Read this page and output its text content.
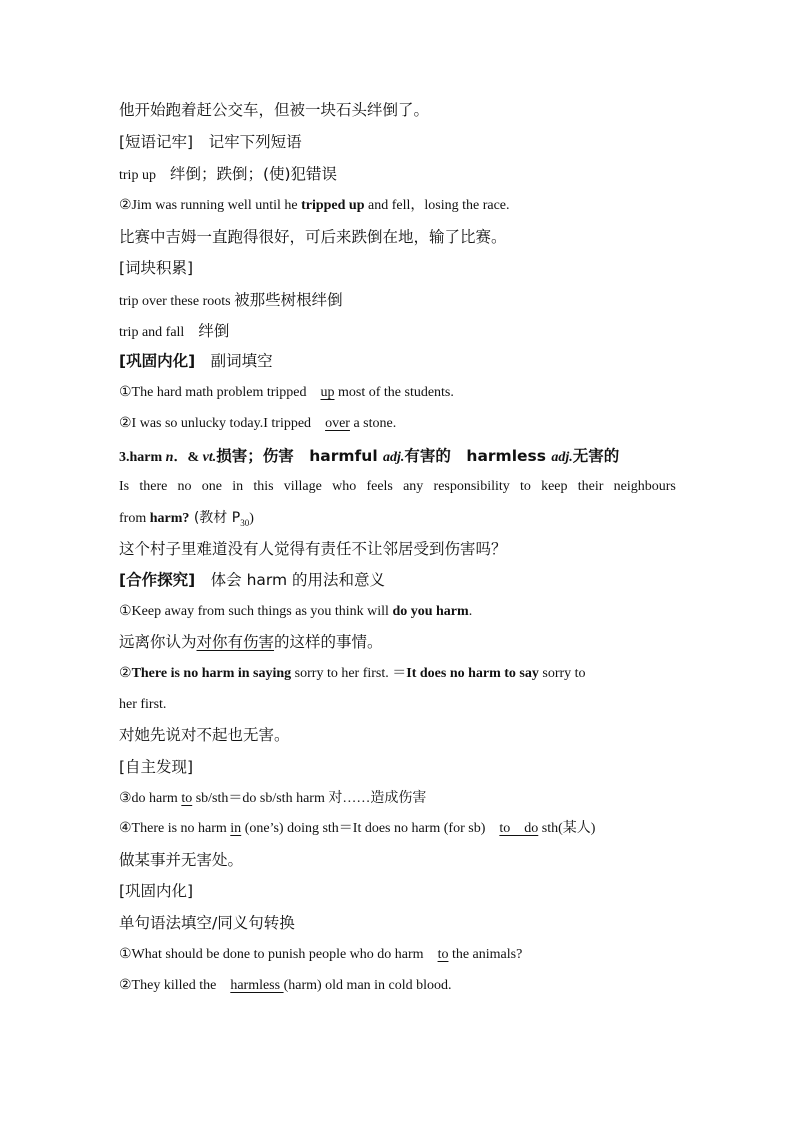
他开始跑着赶公交车，但被一块石头绊倒了。
[短语记牢]　记牢下列短语
trip up　绊倒；跌倒；(使)犯错误
②Jim was running well until he tripped up and fell，losing the race.
比赛中吉姆一直跑得很好，可后来跌倒在地，输了比赛。
[词块积累]
trip over these roots 被那些树根绊倒
trip and fall　绊倒
[巩固内化]　副词填空
①The hard math problem tripped　up most of the students.
②I was so unlucky today.I tripped　over a stone.
3.harm n．& vt.损害；伤害　harmful adj.有害的　harmless adj.无害的
Is there no one in this village who feels any responsibility to keep their neighbours
from harm? (教材 $P_{30}$)
这个村子里难道没有人觉得有责任不让邻居受到伤害吗？
[合作探究]　体会 harm 的用法和意义
①Keep away from such things as you think will do you harm.
远离你认为对你有伤害的这样的事情。
②There is no harm in saying sorry to her first. ＝It does no harm to say sorry to
her first.
对她先说对不起也无害。
[自主发现]
③do harm to sb/sth＝do sb/sth harm 对……造成伤害
④There is no harm in (one’s) doing sth＝It does no harm (for sb)　to　do sth(某人)
做某事并无害处。
[巩固内化]
单句语法填空/同义句转换
①What should be done to punish people who do harm　to the animals?
②They killed the　harmless (harm) old man in cold blood.
